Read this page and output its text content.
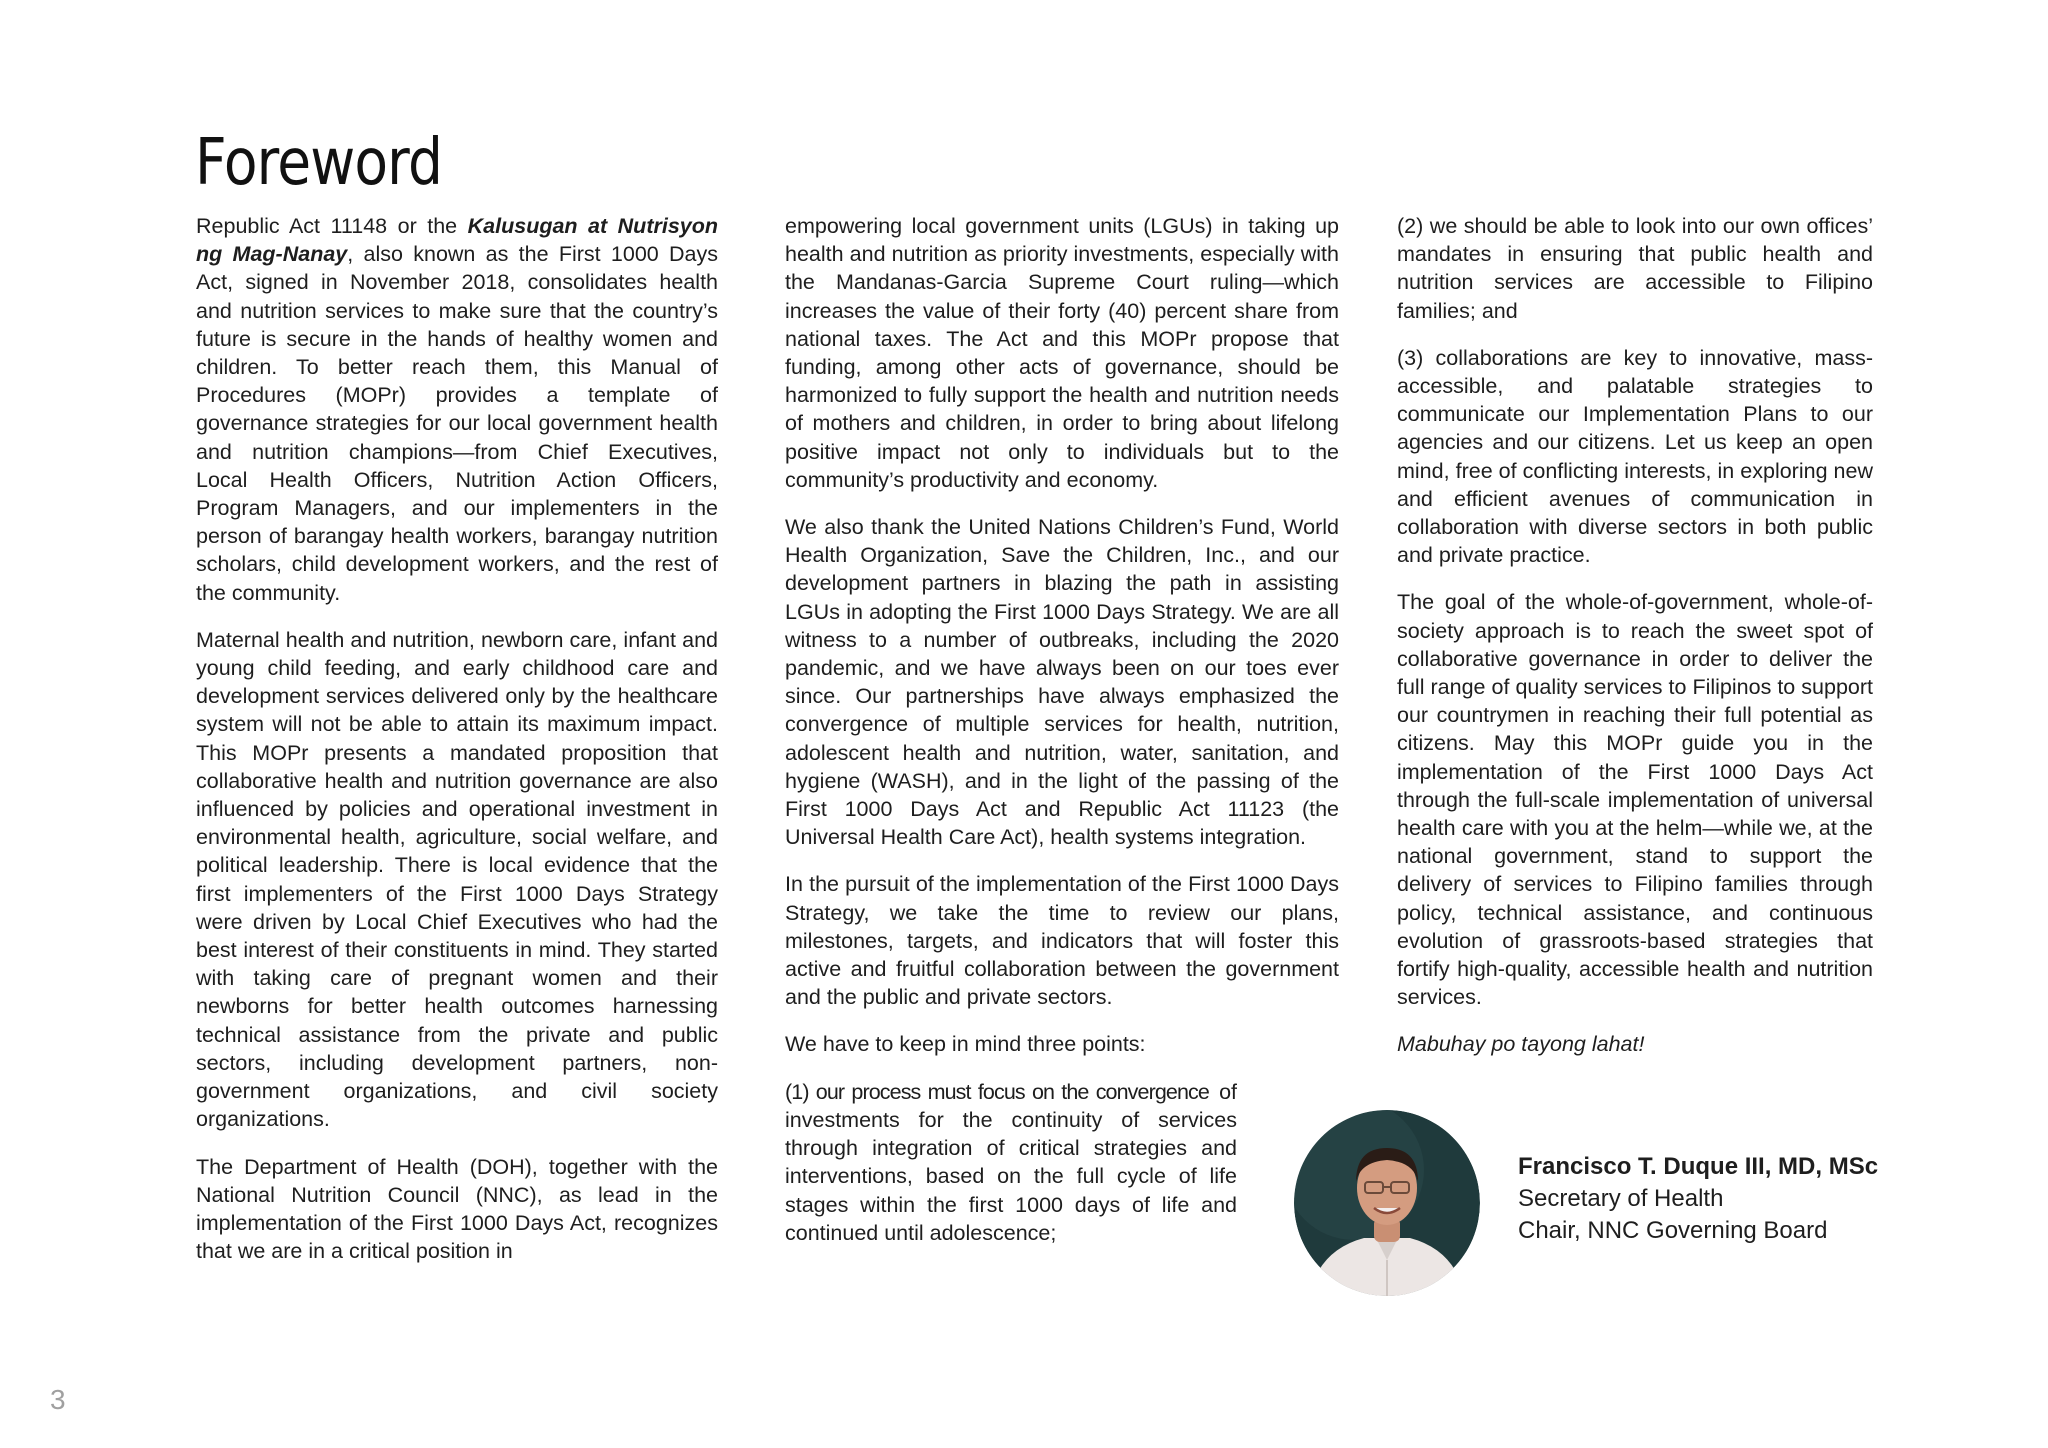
Foreword

Republic Act 11148 or the Kalusugan at Nutrisyon ng Mag-Nanay, also known as the First 1000 Days Act, signed in November 2018, consolidates health and nutrition services to make sure that the country’s future is secure in the hands of healthy women and children. To better reach them, this Manual of Procedures (MOPr) provides a template of governance strategies for our local government health and nutrition champions—from Chief Executives, Local Health Officers, Nutrition Action Officers, Program Managers, and our implementers in the person of barangay health workers, barangay nutrition scholars, child development workers, and the rest of the community.

Maternal health and nutrition, newborn care, infant and young child feeding, and early childhood care and development services delivered only by the healthcare system will not be able to attain its maximum impact. This MOPr presents a mandated proposition that collaborative health and nutrition governance are also influenced by policies and operational investment in environmental health, agriculture, social welfare, and political leadership. There is local evidence that the first implementers of the First 1000 Days Strategy were driven by Local Chief Executives who had the best interest of their constituents in mind. They started with taking care of pregnant women and their newborns for better health outcomes harnessing technical assistance from the private and public sectors, including development partners, non-government organizations, and civil society organizations.

The Department of Health (DOH), together with the National Nutrition Council (NNC), as lead in the implementation of the First 1000 Days Act, recognizes that we are in a critical position in

empowering local government units (LGUs) in taking up health and nutrition as priority investments, especially with the Mandanas-Garcia Supreme Court ruling—which increases the value of their forty (40) percent share from national taxes. The Act and this MOPr propose that funding, among other acts of governance, should be harmonized to fully support the health and nutrition needs of mothers and children, in order to bring about lifelong positive impact not only to individuals but to the community’s productivity and economy.

We also thank the United Nations Children’s Fund, World Health Organization, Save the Children, Inc., and our development partners in blazing the path in assisting LGUs in adopting the First 1000 Days Strategy. We are all witness to a number of outbreaks, including the 2020 pandemic, and we have always been on our toes ever since. Our partnerships have always emphasized the convergence of multiple services for health, nutrition, adolescent health and nutrition, water, sanitation, and hygiene (WASH), and in the light of the passing of the First 1000 Days Act and Republic Act 11123 (the Universal Health Care Act), health systems integration.

In the pursuit of the implementation of the First 1000 Days Strategy, we take the time to review our plans, milestones, targets, and indicators that will foster this active and fruitful collaboration between the government and the public and private sectors.

We have to keep in mind three points:

(1) our process must focus on the convergence of investments for the continuity of services through integration of critical strategies and interventions, based on the full cycle of life stages within the first 1000 days of life and continued until adolescence;

(2) we should be able to look into our own offices’ mandates in ensuring that public health and nutrition services are accessible to Filipino families; and

(3) collaborations are key to innovative, mass-accessible, and palatable strategies to communicate our Implementation Plans to our agencies and our citizens. Let us keep an open mind, free of conflicting interests, in exploring new and efficient avenues of communication in collaboration with diverse sectors in both public and private practice.

The goal of the whole-of-government, whole-of-society approach is to reach the sweet spot of collaborative governance in order to deliver the full range of quality services to Filipinos to support our countrymen in reaching their full potential as citizens. May this MOPr guide you in the implementation of the First 1000 Days Act through the full-scale implementation of universal health care with you at the helm—while we, at the national government, stand to support the delivery of services to Filipino families through policy, technical assistance, and continuous evolution of grassroots-based strategies that fortify high-quality, accessible health and nutrition services.

Mabuhay po tayong lahat!

Francisco T. Duque III, MD, MSc
Secretary of Health
Chair, NNC Governing Board
3
